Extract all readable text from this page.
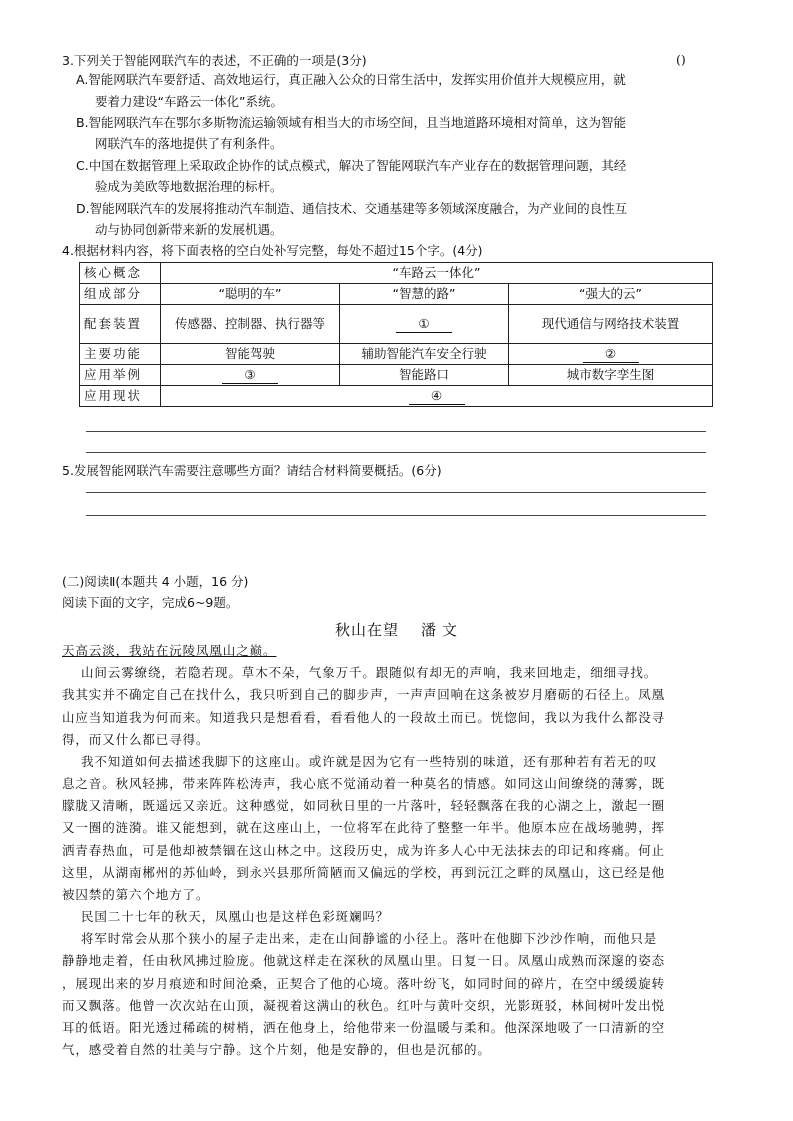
3.下列关于智能网联汽车的表述，不正确的一项是(3分)	()
A.智能网联汽车要舒适、高效地运行，真正融入公众的日常生活中，发挥实用价值并大规模应用，就
要着力建设“车路云一体化”系统。
B.智能网联汽车在鄂尔多斯物流运输领域有相当大的市场空间，且当地道路环境相对简单，这为智能
网联汽车的落地提供了有利条件。
C.中国在数据管理上采取政企协作的试点模式，解决了智能网联汽车产业存在的数据管理问题，其经
验成为美欧等地数据治理的标杆。
D.智能网联汽车的发展将推动汽车制造、通信技术、交通基建等多领域深度融合，为产业间的良性互
动与协同创新带来新的发展机遇。
4.根据材料内容，将下面表格的空白处补写完整，每处不超过15个字。(4分)
核心概念	“车路云一体化”		
组成部分	“聪明的车”	“智慧的路”	“强大的云”
配套装置	传感器、控制器、执行器等	①	现代通信与网络技术装置
主要功能	智能驾驶	辅助智能汽车安全行驶	②
应用举例	③	智能路口	城市数字孪生图
应用现状	④		
5.发展智能网联汽车需要注意哪些方面？请结合材料简要概括。(6分)
(二)阅读Ⅱ(本题共 4 小题，16 分)
阅读下面的文字，完成6~9题。
秋山在望 潘文
天高云淡，我站在沅陵凤凰山之巅。
山间云雾缭绕，若隐若现。草木不朵，气象万千。跟随似有却无的声响，我来回地走，细细寻找。
我其实并不确定自己在找什么，我只听到自己的脚步声，一声声回响在这条被岁月磨砺的石径上。凤凰
山应当知道我为何而来。知道我只是想看看，看看他人的一段故土而已。恍惚间，我以为我什么都没寻
得，而又什么都已寻得。
我不知道如何去描述我脚下的这座山。或许就是因为它有一些特别的味道，还有那种若有若无的叹
息之音。秋风轻拂，带来阵阵松涛声，我心底不觉涌动着一种莫名的情感。如同这山间缭绕的薄雾，既
朦胧又清晰，既遥远又亲近。这种感觉，如同秋日里的一片落叶，轻轻飘落在我的心湖之上，激起一圈
又一圈的涟漪。谁又能想到，就在这座山上，一位将军在此待了整整一年半。他原本应在战场驰骋，挥
洒青春热血，可是他却被禁锢在这山林之中。这段历史，成为许多人心中无法抹去的印记和疼痛。何止
这里，从湖南郴州的苏仙岭，到永兴县那所简陋而又偏远的学校，再到沅江之畔的凤凰山，这已经是他
被囚禁的第六个地方了。
民国二十七年的秋天，凤凰山也是这样色彩斑斓吗？
将军时常会从那个狭小的屋子走出来，走在山间静谧的小径上。落叶在他脚下沙沙作响，而他只是
静静地走着，任由秋风拂过脸庞。他就这样走在深秋的凤凰山里。日复一日。凤凰山成熟而深邃的姿态
，展现出来的岁月痕迹和时间沧桑，正契合了他的心境。落叶纷飞，如同时间的碎片，在空中缓缓旋转
而又飘落。他曾一次次站在山顶，凝视着这满山的秋色。红叶与黄叶交织，光影斑驳，林间树叶发出悦
耳的低语。阳光透过稀疏的树梢，洒在他身上，给他带来一份温暖与柔和。他深深地吸了一口清新的空
气，感受着自然的壮美与宁静。这个片刻，他是安静的，但也是沉郁的。
